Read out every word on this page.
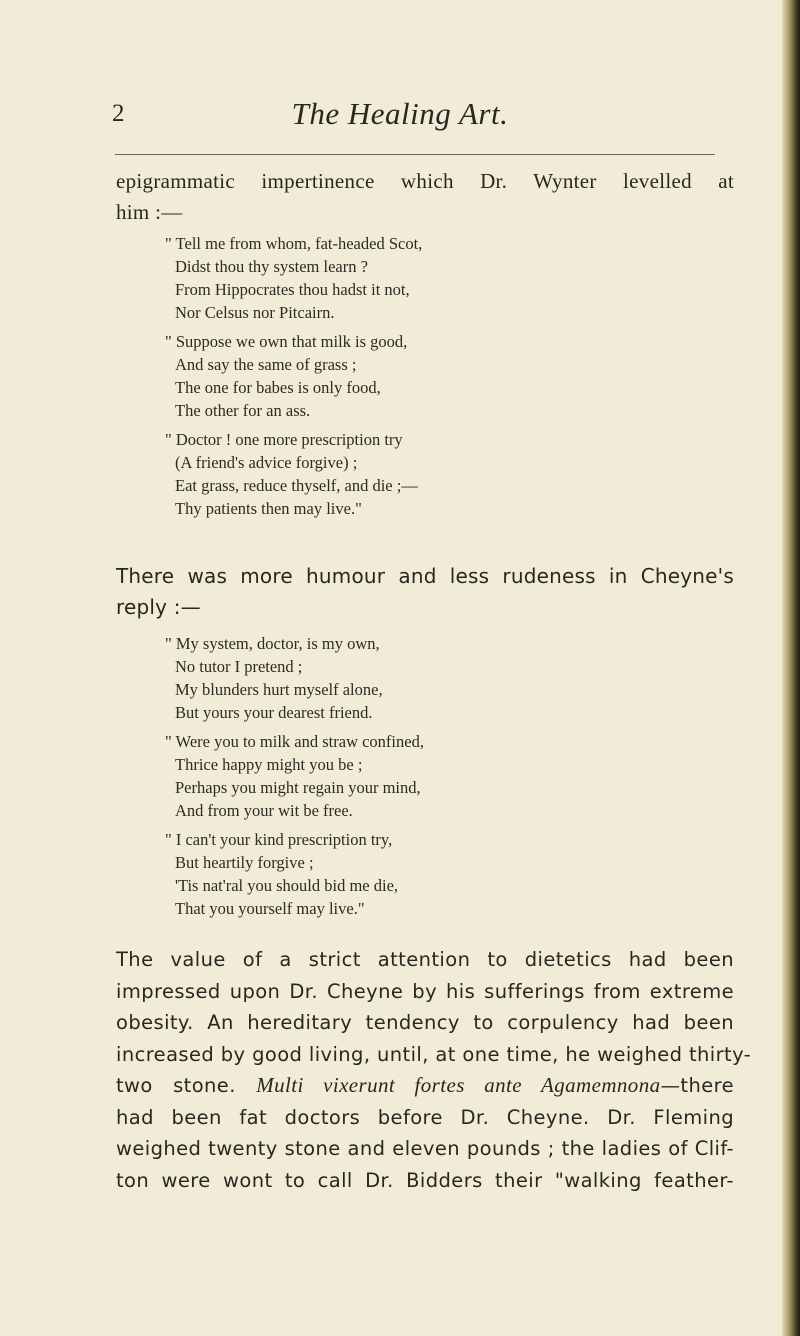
2	The Healing Art.
epigrammatic impertinence which Dr. Wynter levelled at
him :—
" Tell me from whom, fat-headed Scot,
Didst thou thy system learn ?
From Hippocrates thou hadst it not,
Nor Celsus nor Pitcairn.
" Suppose we own that milk is good,
And say the same of grass ;
The one for babes is only food,
The other for an ass.
" Doctor ! one more prescription try
(A friend's advice forgive) ;
Eat grass, reduce thyself, and die ;—
Thy patients then may live."
There was more humour and less rudeness in Cheyne's
reply :—
" My system, doctor, is my own,
No tutor I pretend ;
My blunders hurt myself alone,
But yours your dearest friend.
" Were you to milk and straw confined,
Thrice happy might you be ;
Perhaps you might regain your mind,
And from your wit be free.
" I can't your kind prescription try,
But heartily forgive ;
'Tis nat'ral you should bid me die,
That you yourself may live."
The value of a strict attention to dietetics had been
impressed upon Dr. Cheyne by his sufferings from extreme
obesity. An hereditary tendency to corpulency had been
increased by good living, until, at one time, he weighed thirty-
two stone. Multi vixerunt fortes ante Agamemnona—there
had been fat doctors before Dr. Cheyne. Dr. Fleming
weighed twenty stone and eleven pounds ; the ladies of Clif-
ton were wont to call Dr. Bidders their "walking feather-
